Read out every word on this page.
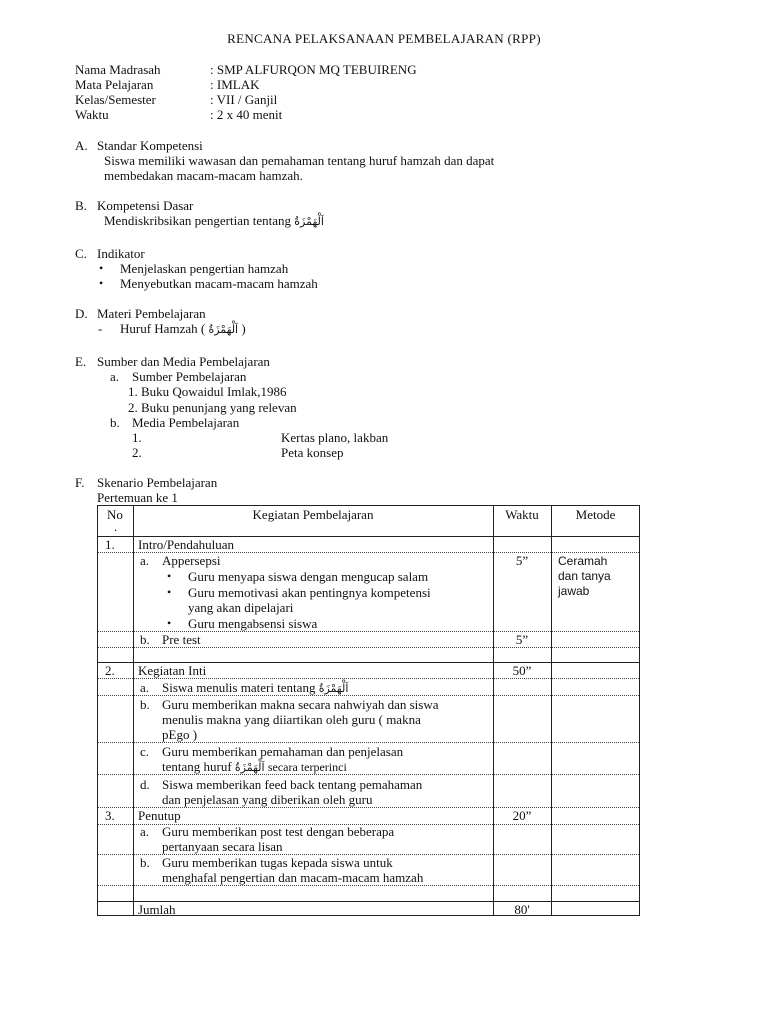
RENCANA PELAKSANAAN PEMBELAJARAN (RPP)
Nama Madrasah	: SMP ALFURQON MQ TEBUIRENG
Mata Pelajaran	: IMLAK
Kelas/Semester	: VII / Ganjil
Waktu	: 2 x 40 menit
A. Standar Kompetensi
Siswa memiliki wawasan dan pemahaman tentang huruf hamzah dan dapat
membedakan macam-macam hamzah.
B. Kompetensi Dasar
Mendiskribsikan pengertian tentang اَلْهَمْزَةُ
C. Indikator
• Menjelaskan pengertian hamzah
• Menyebutkan macam-macam hamzah
D. Materi Pembelajaran
- Huruf Hamzah ( اَلْهَمْزَةُ )
E. Sumber dan Media Pembelajaran
a. Sumber Pembelajaran
1. Buku Qowaidul Imlak,1986
2. Buku penunjang yang relevan
b. Media Pembelajaran
1.	Kertas plano, lakban
2.	Peta konsep
F. Skenario Pembelajaran
Pertemuan ke 1
No
.
Kegiatan Pembelajaran	Waktu	Metode
1. Intro/Pendahuluan
a. Appersepsi	5”	Ceramah
dan tanya
jawab
• Guru menyapa siswa dengan mengucap salam
• Guru memotivasi akan pentingnya kompetensi
yang akan dipelajari
• Guru mengabsensi siswa
b. Pre test	5”
2. Kegiatan Inti	50”
a. Siswa menulis materi tentang اَلْهَمْزَةُ
b. Guru memberikan makna secara nahwiyah dan siswa
menulis makna yang diiartikan oleh guru ( makna
pEgo )
c. Guru memberikan pemahaman dan penjelasan
tentang huruf اَلْهَمْزَةُ secara terperinci
d. Siswa memberikan feed back tentang pemahaman
dan penjelasan yang diberikan oleh guru
3. Penutup	20”
a. Guru memberikan post test dengan beberapa
pertanyaan secara lisan
b. Guru memberikan tugas kepada siswa untuk
menghafal pengertian dan macam-macam hamzah
Jumlah	80'
